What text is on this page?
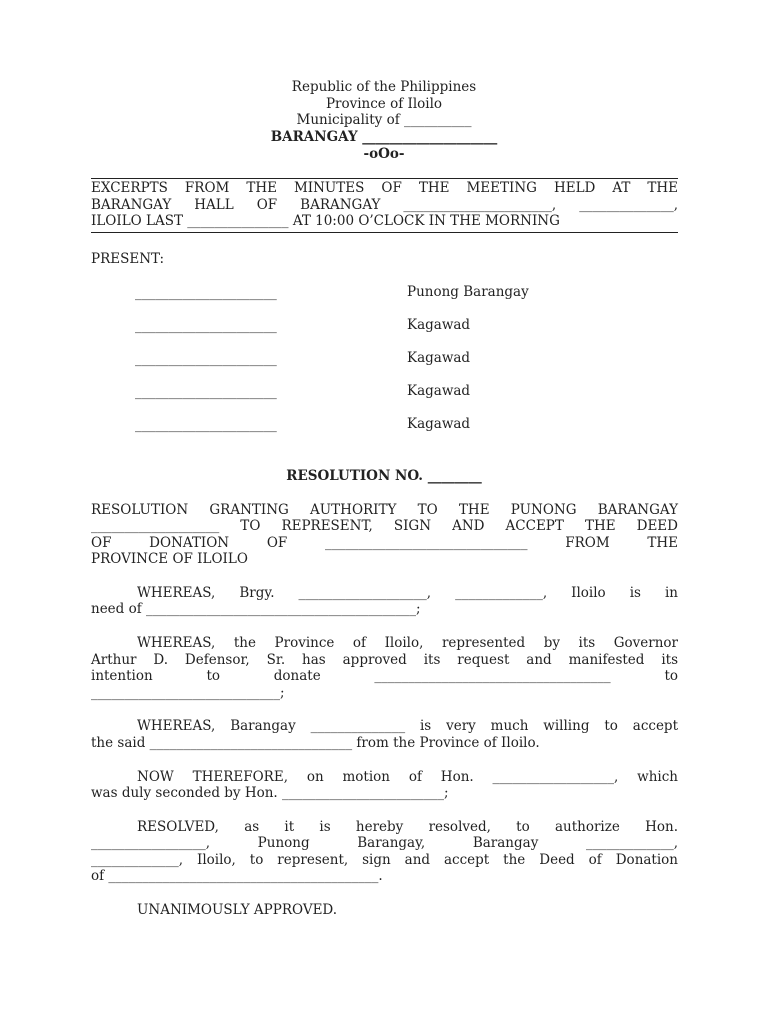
Republic of the Philippines
Province of Iloilo
Municipality of __________
BARANGAY ____________________
-oOo-
EXCERPTS FROM THE MINUTES OF THE MEETING HELD AT THE
BARANGAY HALL OF BARANGAY ______________________, ______________,
ILOILO LAST _______________ AT 10:00 O’CLOCK IN THE MORNING
PRESENT:
_____________________	Punong Barangay
_____________________	Kagawad
_____________________	Kagawad
_____________________	Kagawad
_____________________	Kagawad
RESOLUTION NO. ________
RESOLUTION GRANTING AUTHORITY TO THE PUNONG BARANGAY
___________________ TO REPRESENT, SIGN AND ACCEPT THE DEED
OF DONATION OF ______________________________ FROM THE
PROVINCE OF ILOILO
WHEREAS, Brgy. ___________________, _____________, Iloilo is in
need of ________________________________________;
WHEREAS, the Province of Iloilo, represented by its Governor
Arthur D. Defensor, Sr. has approved its request and manifested its
intention to donate ___________________________________ to
____________________________;
WHEREAS, Barangay ______________ is very much willing to accept
the said ______________________________ from the Province of Iloilo.
NOW THEREFORE, on motion of Hon. __________________, which
was duly seconded by Hon. ________________________;
RESOLVED, as it is hereby resolved, to authorize Hon.
_________________, Punong Barangay, Barangay _____________,
_____________, Iloilo, to represent, sign and accept the Deed of Donation
of ________________________________________.
UNANIMOUSLY APPROVED.
